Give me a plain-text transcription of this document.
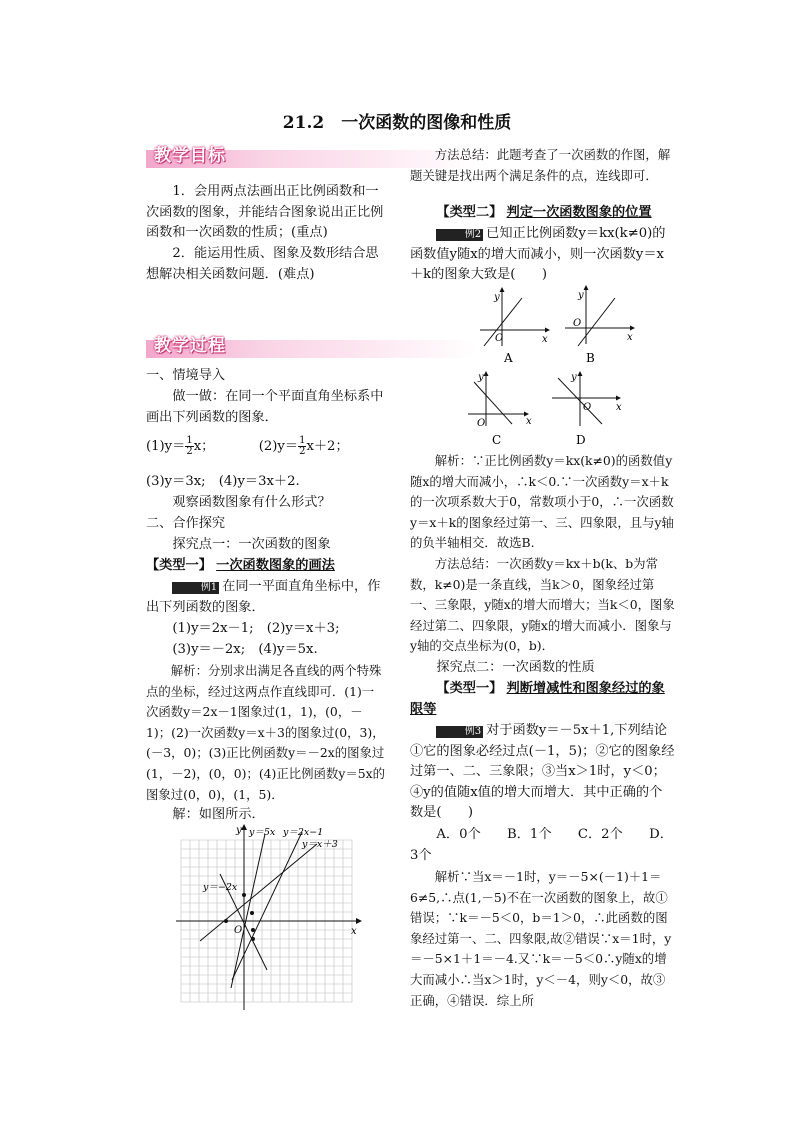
21.2　一次函数的图像和性质
教学目标

1．会用两点法画出正比例函数和一次函数的图象，并能结合图象说出正比例函数和一次函数的性质；(重点)

2．能运用性质、图象及数形结合思想解决相关函数问题．(难点)

教学过程

一、情境导入

做一做：在同一个平面直角坐标系中画出下列函数的图象．

$(1)y= \frac{1}{2}$ x；	$(2)y= \frac{1}{2} x+2$；

(3)y＝3x;　(4)y＝3x＋2.

观察函数图象有什么形式？

二、合作探究

探究点一：一次函数的图象

【类型一】 一次函数图象的画法

例1 在同一平面直角坐标中，作出下列函数的图象．

(1)y＝2x－1;　(2)y＝x＋3;

(3)y＝－2x;　(4)y＝5x.

解析：分别求出满足各直线的两个特殊点的坐标，经过这两点作直线即可．(1)一次函数y＝2x－1图象过(1，1)，(0，－1)；(2)一次函数y＝x＋3的图象过(0，3)，(－3，0)；(3)正比例函数y＝－2x的图象过(1，－2)，(0，0)；(4)正比例函数y＝5x的图象过(0，0)，(1，5)．

解：如图所示．

y
x
O
y＝5x y＝2x−1
y＝x＋3
y＝−2x

方法总结：此题考查了一次函数的作图，解题关键是找出两个满足条件的点，连线即可．

【类型二】 判定一次函数图象的位置

例2 已知正比例函数y＝kx(k≠0)的函数值y随x的增大而减小，则一次函数y＝x＋k的图象大致是(　　)

y
x
O
A
y
x
O
B
y
x
O
C
y
x
O
D

解析：∵正比例函数y＝kx(k≠0)的函数值y随x的增大而减小，∴k＜0.∵一次函数y＝x＋k的一次项系数大于0，常数项小于0，∴一次函数y＝x＋k的图象经过第一、三、四象限，且与y轴的负半轴相交．故选B.

方法总结：一次函数y＝kx＋b(k、b为常数，k≠0)是一条直线，当k＞0，图象经过第一、三象限，y随x的增大而增大；当k＜0，图象经过第二、四象限，y随x的增大而减小．图象与y轴的交点坐标为(0，b)．

探究点二：一次函数的性质

【类型一】 判断增减性和图象经过的象限等

例3 对于函数y＝－5x＋1,下列结论①它的图象必经过点(－1，5)；②它的图象经过第一、二、三象限；③当x＞1时，y＜0；④y的值随x值的增大而增大．其中正确的个数是(　　)

A．0个　　B．1个　　C．2个　　D．3个

解析∵当x＝－1时，y＝－5×(－1)＋1＝6≠5,∴点(1,－5)不在一次函数的图象上，故①错误；∵k＝－5＜0，b＝1＞0，∴此函数的图象经过第一、二、四象限,故②错误∵x＝1时，y＝－5×1＋1＝－4.又∵k＝－5＜0∴y随x的增大而减小∴当x＞1时，y＜－4，则y＜0，故③正确，④错误．综上所
